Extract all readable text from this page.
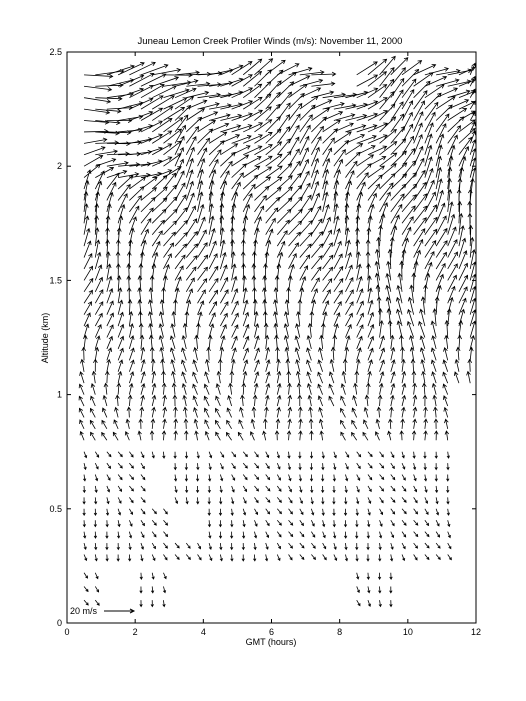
Juneau Lemon Creek Profiler Winds (m/s): November 11, 2000
0	2	4	6	8	10	12
0
0.5
1
1.5
2
2.5
GMT (hours)
Altitude (km)
20 m/s
